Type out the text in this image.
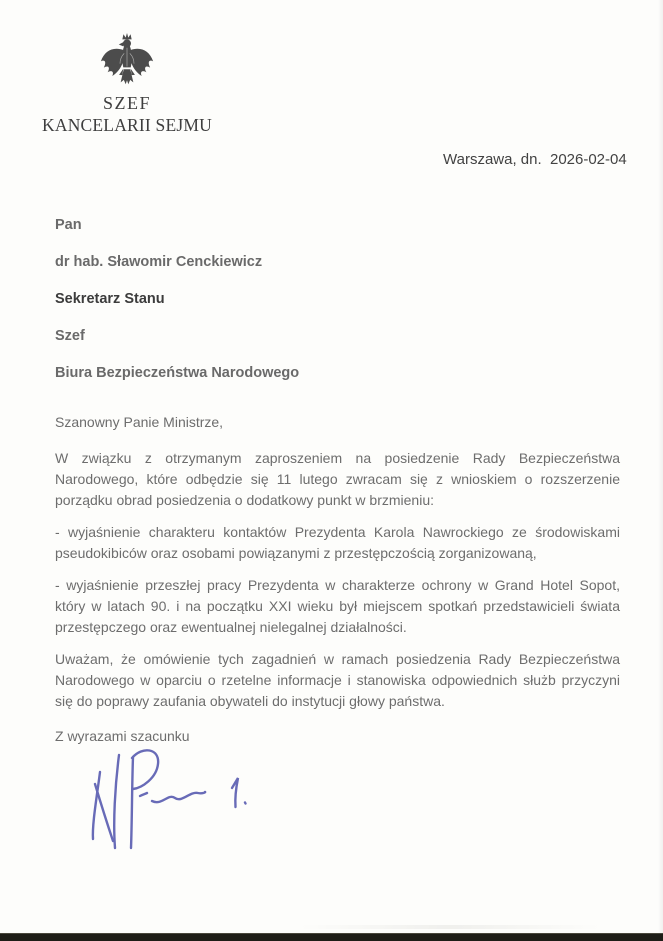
SZEF
KANCELARII SEJMU
Warszawa, dn.  2026-02-04
Pan
dr hab. Sławomir Cenckiewicz
Sekretarz Stanu
Szef
Biura Bezpieczeństwa Narodowego

Szanowny Panie Ministrze,

W związku z otrzymanym zaproszeniem na posiedzenie Rady Bezpieczeństwa Narodowego, które odbędzie się 11 lutego zwracam się z wnioskiem o rozszerzenie porządku obrad posiedzenia o dodatkowy punkt w brzmieniu:

- wyjaśnienie charakteru kontaktów Prezydenta Karola Nawrockiego ze środowiskami pseudokibiców oraz osobami powiązanymi z przestępczością zorganizowaną,

- wyjaśnienie przeszłej pracy Prezydenta w charakterze ochrony w Grand Hotel Sopot, który w latach 90. i na początku XXI wieku był miejscem spotkań przedstawicieli świata przestępczego oraz ewentualnej nielegalnej działalności.

Uważam, że omówienie tych zagadnień w ramach posiedzenia Rady Bezpieczeństwa Narodowego w oparciu o rzetelne informacje i stanowiska odpowiednich służb przyczyni się do poprawy zaufania obywateli do instytucji głowy państwa.

Z wyrazami szacunku
